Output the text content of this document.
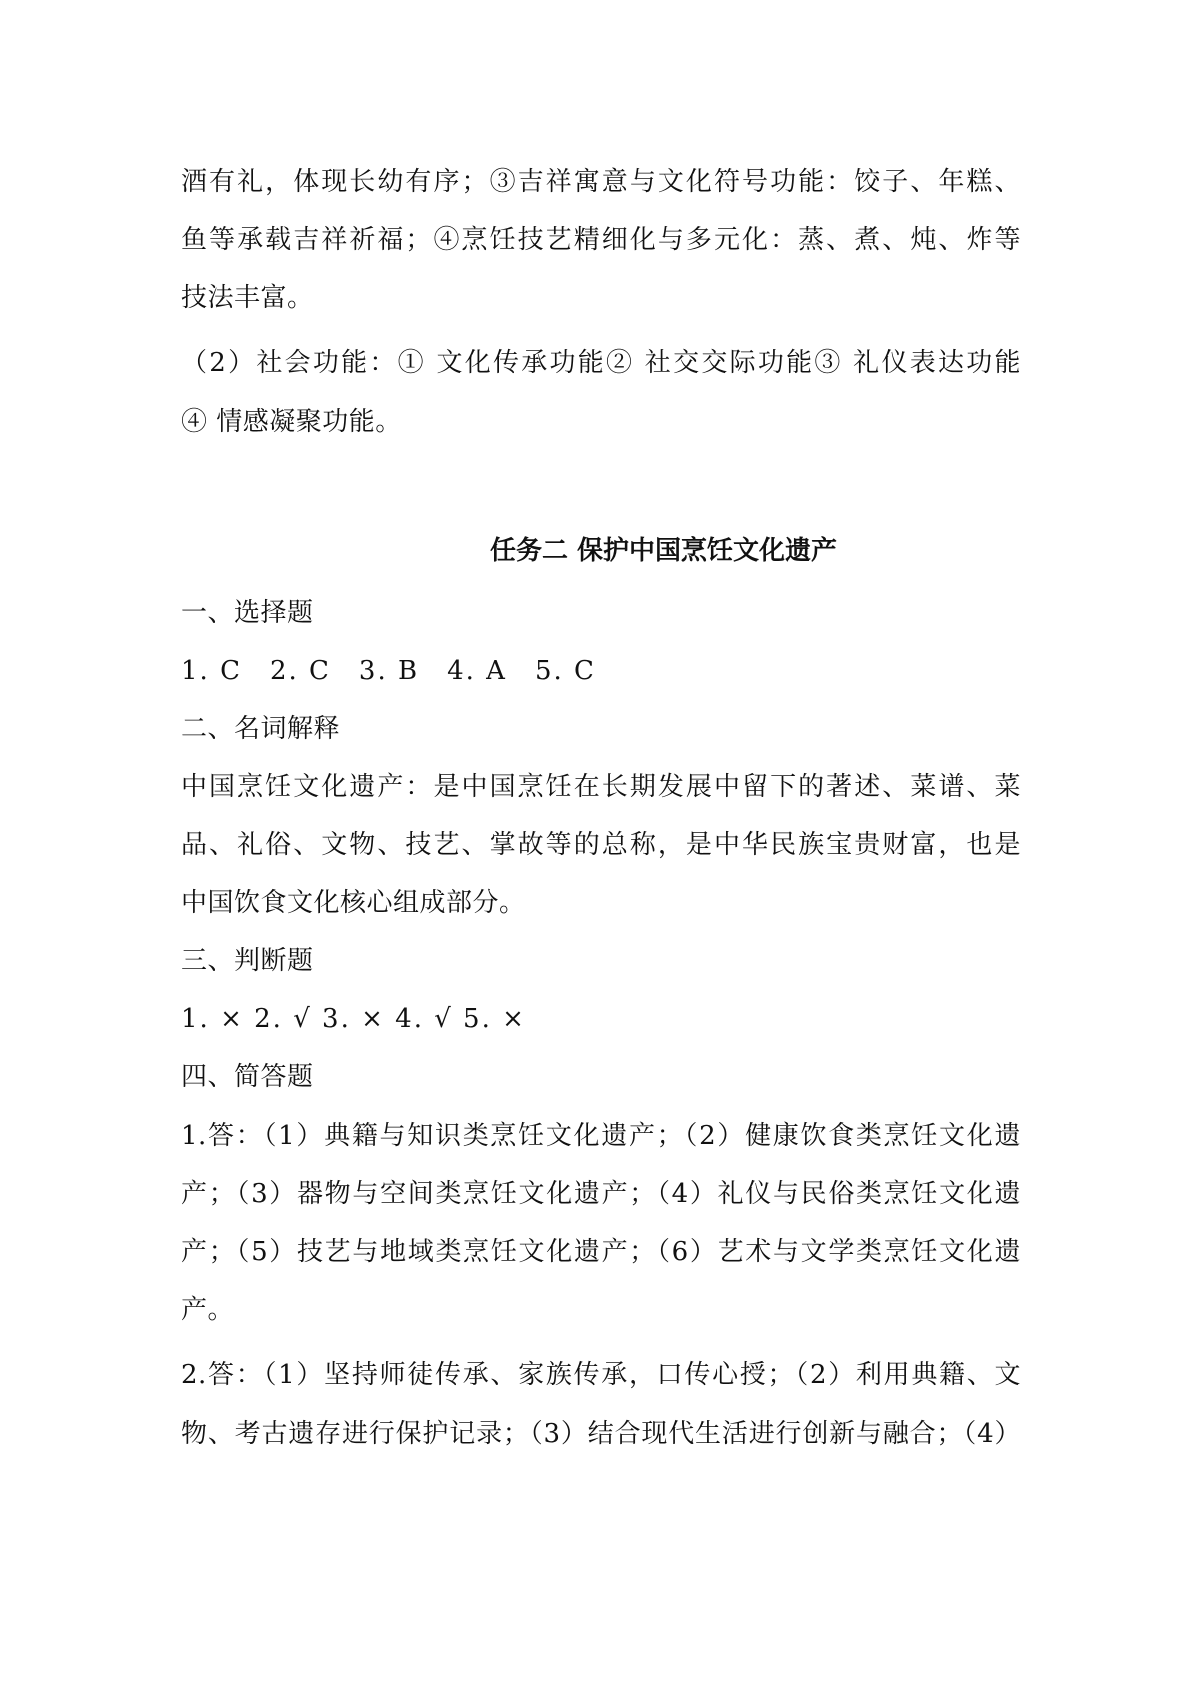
酒有礼，体现长幼有序；③吉祥寓意与文化符号功能：饺子、年糕、
鱼等承载吉祥祈福；④烹饪技艺精细化与多元化：蒸、煮、炖、炸等
技法丰富。
（2）社会功能：① 文化传承功能② 社交交际功能③ 礼仪表达功能
④ 情感凝聚功能。
任务二 保护中国烹饪文化遗产
一、选择题
1. C　2. C　3. B　4. A　5. C
二、名词解释
中国烹饪文化遗产：是中国烹饪在长期发展中留下的著述、菜谱、菜
品、礼俗、文物、技艺、掌故等的总称，是中华民族宝贵财富，也是
中国饮食文化核心组成部分。
三、判断题
1. × 2. √ 3. × 4. √ 5. ×
四、简答题
1.答：（1）典籍与知识类烹饪文化遗产；（2）健康饮食类烹饪文化遗
产；（3）器物与空间类烹饪文化遗产；（4）礼仪与民俗类烹饪文化遗
产；（5）技艺与地域类烹饪文化遗产；（6）艺术与文学类烹饪文化遗
产。
2.答：（1）坚持师徒传承、家族传承，口传心授；（2）利用典籍、文
物、考古遗存进行保护记录；（3）结合现代生活进行创新与融合；（4）
